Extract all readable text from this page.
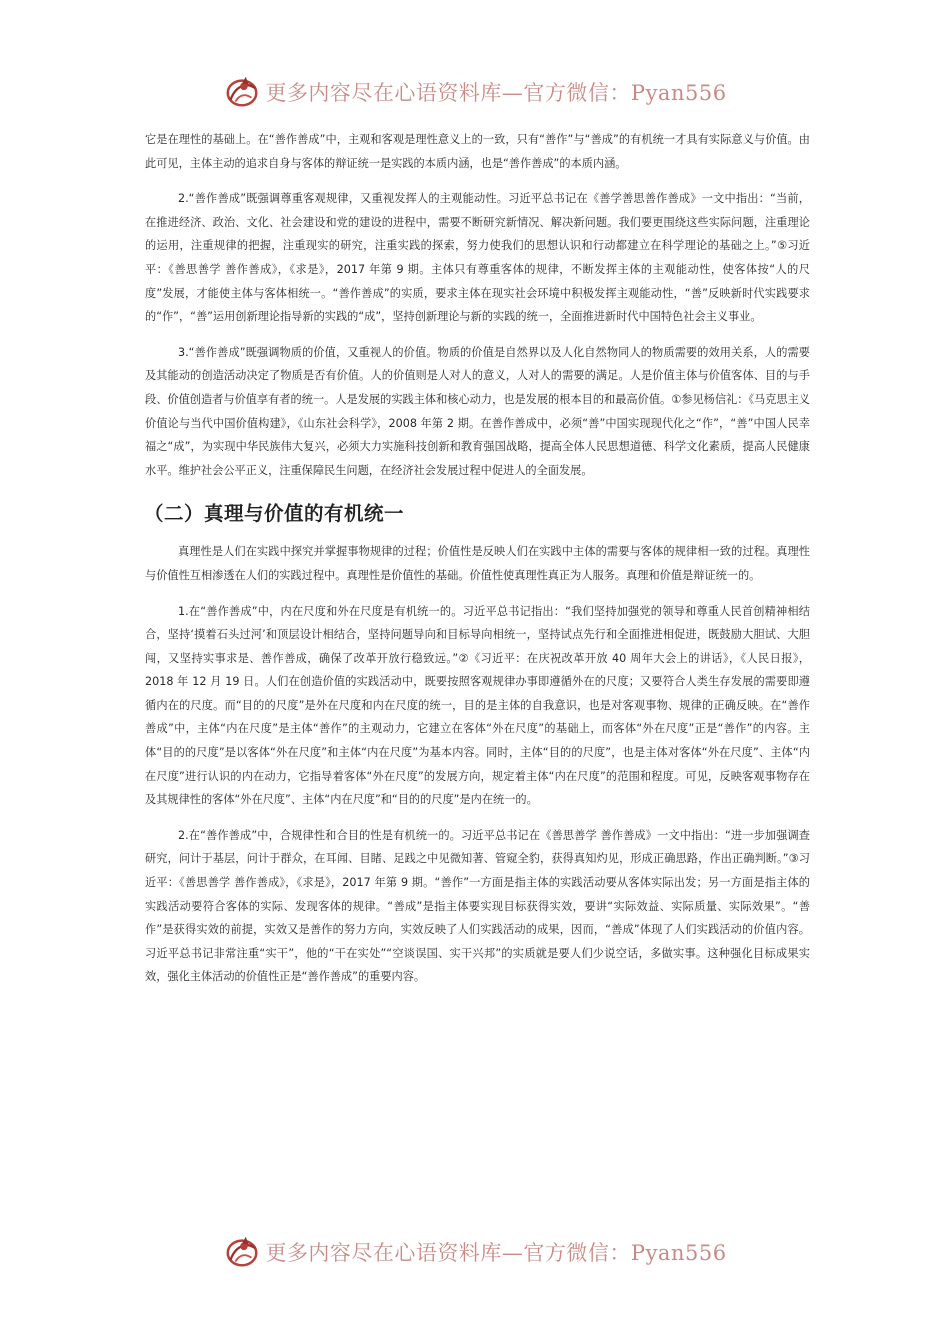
更多内容尽在心语资料库—官方微信：Pyan556

它是在理性的基础上。在“善作善成”中，主观和客观是理性意义上的一致，只有“善作”与“善成”的有机统一才具有实际意义与价值。由此可见，主体主动的追求自身与客体的辩证统一是实践的本质内涵，也是“善作善成”的本质内涵。

2.“善作善成”既强调尊重客观规律，又重视发挥人的主观能动性。习近平总书记在《善学善思善作善成》一文中指出：“当前，在推进经济、政治、文化、社会建设和党的建设的进程中，需要不断研究新情况、解决新问题。我们要更围绕这些实际问题，注重理论的运用，注重规律的把握，注重现实的研究，注重实践的探索，努力使我们的思想认识和行动都建立在科学理论的基础之上。”⑤习近平：《善思善学 善作善成》，《求是》，2017 年第 9 期。主体只有尊重客体的规律，不断发挥主体的主观能动性，使客体按“人的尺度”发展，才能使主体与客体相统一。“善作善成”的实质，要求主体在现实社会环境中积极发挥主观能动性，“善”反映新时代实践要求的“作”，“善”运用创新理论指导新的实践的“成”，坚持创新理论与新的实践的统一，全面推进新时代中国特色社会主义事业。

3.“善作善成”既强调物质的价值，又重视人的价值。物质的价值是自然界以及人化自然物同人的物质需要的效用关系，人的需要及其能动的创造活动决定了物质是否有价值。人的价值则是人对人的意义，人对人的需要的满足。人是价值主体与价值客体、目的与手段、价值创造者与价值享有者的统一。人是发展的实践主体和核心动力，也是发展的根本目的和最高价值。①参见杨信礼：《马克思主义价值论与当代中国价值构建》，《山东社会科学》，2008 年第 2 期。在善作善成中，必须“善”中国实现现代化之“作”，“善”中国人民幸福之“成”，为实现中华民族伟大复兴，必须大力实施科技创新和教育强国战略，提高全体人民思想道德、科学文化素质，提高人民健康水平。维护社会公平正义，注重保障民生问题，在经济社会发展过程中促进人的全面发展。

（二）真理与价值的有机统一

真理性是人们在实践中探究并掌握事物规律的过程；价值性是反映人们在实践中主体的需要与客体的规律相一致的过程。真理性与价值性互相渗透在人们的实践过程中。真理性是价值性的基础。价值性使真理性真正为人服务。真理和价值是辩证统一的。

1.在“善作善成”中，内在尺度和外在尺度是有机统一的。习近平总书记指出：“我们坚持加强党的领导和尊重人民首创精神相结合，坚持‘摸着石头过河’和顶层设计相结合，坚持问题导向和目标导向相统一，坚持试点先行和全面推进相促进，既鼓励大胆试、大胆闯，又坚持实事求是、善作善成，确保了改革开放行稳致远。”②《习近平：在庆祝改革开放 40 周年大会上的讲话》，《人民日报》，2018 年 12 月 19 日。人们在创造价值的实践活动中，既要按照客观规律办事即遵循外在的尺度；又要符合人类生存发展的需要即遵循内在的尺度。而“目的的尺度”是外在尺度和内在尺度的统一，目的是主体的自我意识，也是对客观事物、规律的正确反映。在“善作善成”中，主体“内在尺度”是主体“善作”的主观动力，它建立在客体“外在尺度”的基础上，而客体“外在尺度”正是“善作”的内容。主体“目的的尺度”是以客体“外在尺度”和主体“内在尺度”为基本内容。同时，主体“目的的尺度”，也是主体对客体“外在尺度”、主体“内在尺度”进行认识的内在动力，它指导着客体“外在尺度”的发展方向，规定着主体“内在尺度”的范围和程度。可见，反映客观事物存在及其规律性的客体“外在尺度”、主体“内在尺度”和“目的的尺度”是内在统一的。

2.在“善作善成”中，合规律性和合目的性是有机统一的。习近平总书记在《善思善学 善作善成》一文中指出：“进一步加强调查研究，问计于基层，问计于群众，在耳闻、目睹、足践之中见微知著、管窥全豹，获得真知灼见，形成正确思路，作出正确判断。”③习近平：《善思善学 善作善成》，《求是》，2017 年第 9 期。“善作”一方面是指主体的实践活动要从客体实际出发；另一方面是指主体的实践活动要符合客体的实际、发现客体的规律。“善成”是指主体要实现目标获得实效，要讲“实际效益、实际质量、实际效果”。“善作”是获得实效的前提，实效又是善作的努力方向，实效反映了人们实践活动的成果，因而，“善成”体现了人们实践活动的价值内容。习近平总书记非常注重“实干”，他的“干在实处”“空谈误国、实干兴邦”的实质就是要人们少说空话，多做实事。这种强化目标成果实效，强化主体活动的价值性正是“善作善成”的重要内容。

更多内容尽在心语资料库—官方微信：Pyan556
